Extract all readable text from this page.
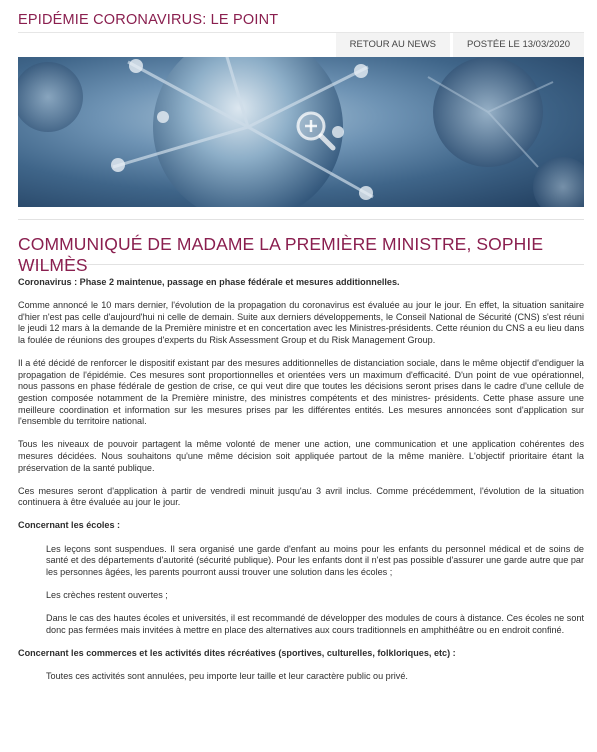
EPIDÉMIE CORONAVIRUS: LE POINT
RETOUR AU NEWS	POSTÉE LE 13/03/2020
COMMUNIQUÉ DE MADAME LA PREMIÈRE MINISTRE, SOPHIE WILMÈS

Coronavirus : Phase 2 maintenue, passage en phase fédérale et mesures additionnelles.

Comme annoncé le 10 mars dernier, l'évolution de la propagation du coronavirus est évaluée au jour le jour. En effet, la situation sanitaire d'hier n'est pas celle d'aujourd'hui ni celle de demain. Suite aux derniers développements, le Conseil National de Sécurité (CNS) s'est réuni le jeudi 12 mars à la demande de la Première ministre et en concertation avec les Ministres-présidents. Cette réunion du CNS a eu lieu dans la foulée de réunions des groupes d'experts du Risk Assessment Group et du Risk Management Group.

Il a été décidé de renforcer le dispositif existant par des mesures additionnelles de distanciation sociale, dans le même objectif d'endiguer la propagation de l'épidémie. Ces mesures sont proportionnelles et orientées vers un maximum d'efficacité. D'un point de vue opérationnel, nous passons en phase fédérale de gestion de crise, ce qui veut dire que toutes les décisions seront prises dans le cadre d'une cellule de gestion composée notamment de la Première ministre, des ministres compétents et des ministres- présidents. Cette phase assure une meilleure coordination et information sur les mesures prises par les différentes entités. Les mesures annoncées sont d'application sur l'ensemble du territoire national.

Tous les niveaux de pouvoir partagent la même volonté de mener une action, une communication et une application cohérentes des mesures décidées. Nous souhaitons qu'une même décision soit appliquée partout de la même manière. L'objectif prioritaire étant la préservation de la santé publique.

Ces mesures seront d'application à partir de vendredi minuit jusqu'au 3 avril inclus. Comme précédemment, l'évolution de la situation continuera à être évaluée au jour le jour.

Concernant les écoles :

Les leçons sont suspendues. Il sera organisé une garde d'enfant au moins pour les enfants du personnel médical et de soins de santé et des départements d'autorité (sécurité publique). Pour les enfants dont il n'est pas possible d'assurer une garde autre que par les personnes âgées, les parents pourront aussi trouver une solution dans les écoles ;

Les crèches restent ouvertes ;

Dans le cas des hautes écoles et universités, il est recommandé de développer des modules de cours à distance. Ces écoles ne sont donc pas fermées mais invitées à mettre en place des alternatives aux cours traditionnels en amphithéâtre ou en endroit confiné.

Concernant les commerces et les activités dites récréatives (sportives, culturelles, folkloriques, etc) :

Toutes ces activités sont annulées, peu importe leur taille et leur caractère public ou privé.
